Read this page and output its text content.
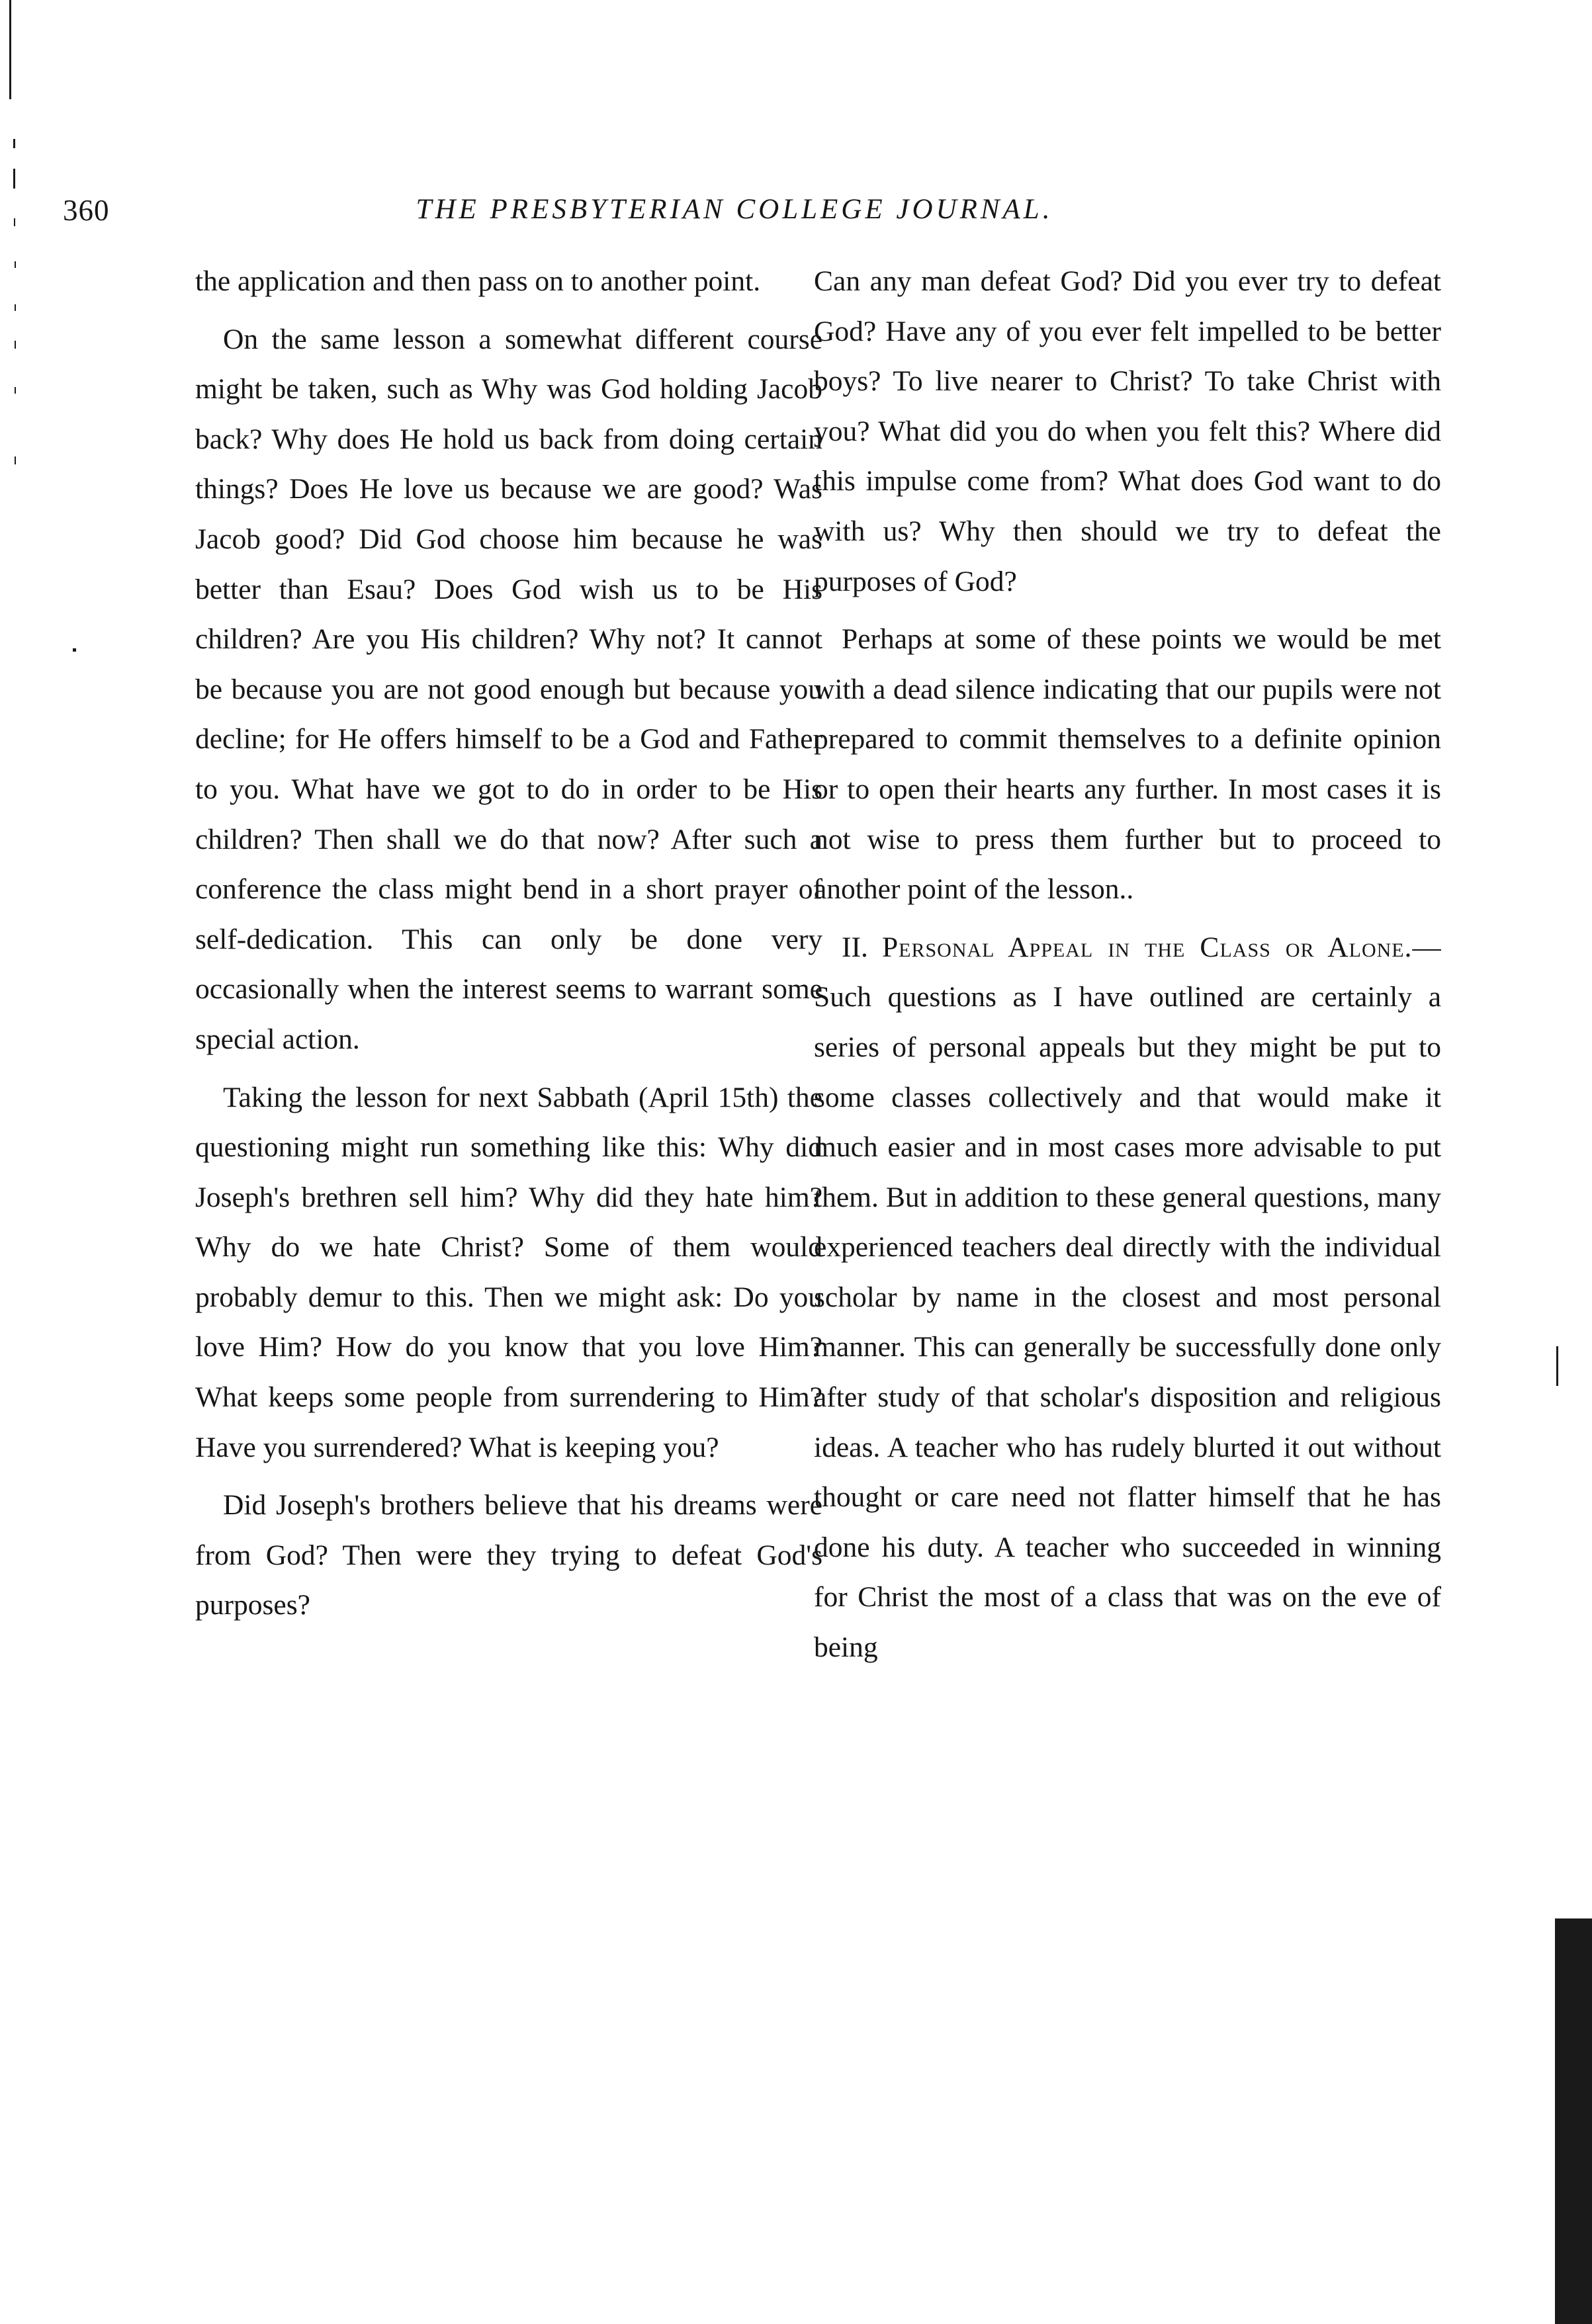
360	THE PRESBYTERIAN COLLEGE JOURNAL.

the application and then pass on to another point.

On the same lesson a somewhat different course might be taken, such as Why was God holding Jacob back? Why does He hold us back from doing certain things? Does He love us because we are good? Was Jacob good? Did God choose him because he was better than Esau? Does God wish us to be His children? Are you His children? Why not? It cannot be because you are not good enough but because you decline; for He offers himself to be a God and Father to you. What have we got to do in order to be His children? Then shall we do that now? After such a conference the class might bend in a short prayer of self-dedication. This can only be done very occasionally when the interest seems to warrant some special action.

Taking the lesson for next Sabbath (April 15th) the questioning might run something like this: Why did Joseph's brethren sell him? Why did they hate him? Why do we hate Christ? Some of them would probably demur to this. Then we might ask: Do you love Him? How do you know that you love Him? What keeps some people from surrendering to Him? Have you surrendered? What is keeping you?

Did Joseph's brothers believe that his dreams were from God? Then were they trying to defeat God's purposes?

Can any man defeat God? Did you ever try to defeat God? Have any of you ever felt impelled to be better boys? To live nearer to Christ? To take Christ with you? What did you do when you felt this? Where did this impulse come from? What does God want to do with us? Why then should we try to defeat the purposes of God?

Perhaps at some of these points we would be met with a dead silence indicating that our pupils were not prepared to commit themselves to a definite opinion or to open their hearts any further. In most cases it is not wise to press them further but to proceed to another point of the lesson..

II. Personal Appeal in the Class or Alone.—Such questions as I have outlined are certainly a series of personal appeals but they might be put to some classes collectively and that would make it much easier and in most cases more advisable to put them. But in addition to these general questions, many experienced teachers deal directly with the individual scholar by name in the closest and most personal manner. This can generally be successfully done only after study of that scholar's disposition and religious ideas. A teacher who has rudely blurted it out without thought or care need not flatter himself that he has done his duty. A teacher who succeeded in winning for Christ the most of a class that was on the eve of being
